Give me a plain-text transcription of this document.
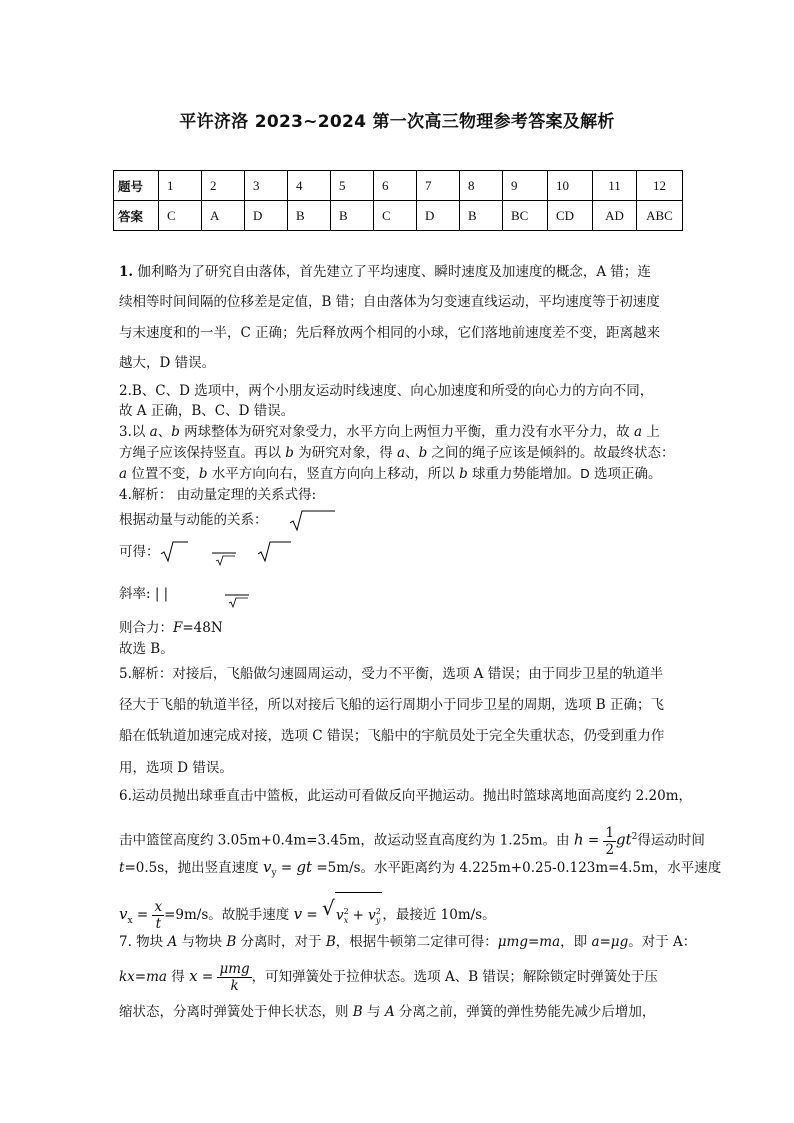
平许济洛 2023~2024 第一次高三物理参考答案及解析
题号	1	2	3	4	5	6	7	8	9	10	11	12
答案	C	A	D	B	B	C	D	B	BC	CD	AD	ABC
1. 伽利略为了研究自由落体，首先建立了平均速度、瞬时速度及加速度的概念，A 错；连
续相等时间间隔的位移差是定值，B 错；自由落体为匀变速直线运动，平均速度等于初速度
与末速度和的一半，C 正确；先后释放两个相同的小球，它们落地前速度差不变，距离越来
越大，D 错误。
2.B、C、D 选项中，两个小朋友运动时线速度、向心加速度和所受的向心力的方向不同，
故 A 正确，B、C、D 错误。
3.以 a、b 两球整体为研究对象受力，水平方向上两恒力平衡，重力没有水平分力，故 a 上
方绳子应该保持竖直。再以 b 为研究对象，得 a、b 之间的绳子应该是倾斜的。故最终状态：
a 位置不变，b 水平方向向右，竖直方向向上移动，所以 b 球重力势能增加。D 选项正确。
4.解析： 由动量定理的关系式得:
根据动量与动能的关系：
可得：
斜率: | |
则合力：F=48N
故选 B。
5.解析：对接后，飞船做匀速圆周运动，受力不平衡，选项 A 错误；由于同步卫星的轨道半
径大于飞船的轨道半径，所以对接后飞船的运行周期小于同步卫星的周期，选项 B 正确；飞
船在低轨道加速完成对接，选项 C 错误；飞船中的宇航员处于完全失重状态，仍受到重力作
用，选项 D 错误。
6.运动员抛出球垂直击中篮板，此运动可看做反向平抛运动。抛出时篮球离地面高度约 2.20m，
击中篮筐高度约 3.05m+0.4m=3.45m，故运动竖直高度约为 1.25m。由 $h = \frac{1}{2} gt^2$得运动时间
t=0.5s，抛出竖直速度 $v_y$ = gt =5m/s。水平距离约为 4.225m+0.25-0.123m=4.5m，水平速度
$v_x = \frac{x}{t} =9m/s$。故脱手速度 v = √ $v^2_x + v^2_y$ ，最接近 10m/s。
7. 物块 A 与物块 B 分离时，对于 B，根据牛顿第二定律可得：μmg=ma，即 a=μg。对于 A：
kx=ma 得 $x = \frac{\text{μmg}}{k}$ ，可知弹簧处于拉伸状态。选项 A、B 错误；解除锁定时弹簧处于压
缩状态，分离时弹簧处于伸长状态，则 B 与 A 分离之前，弹簧的弹性势能先减少后增加，
